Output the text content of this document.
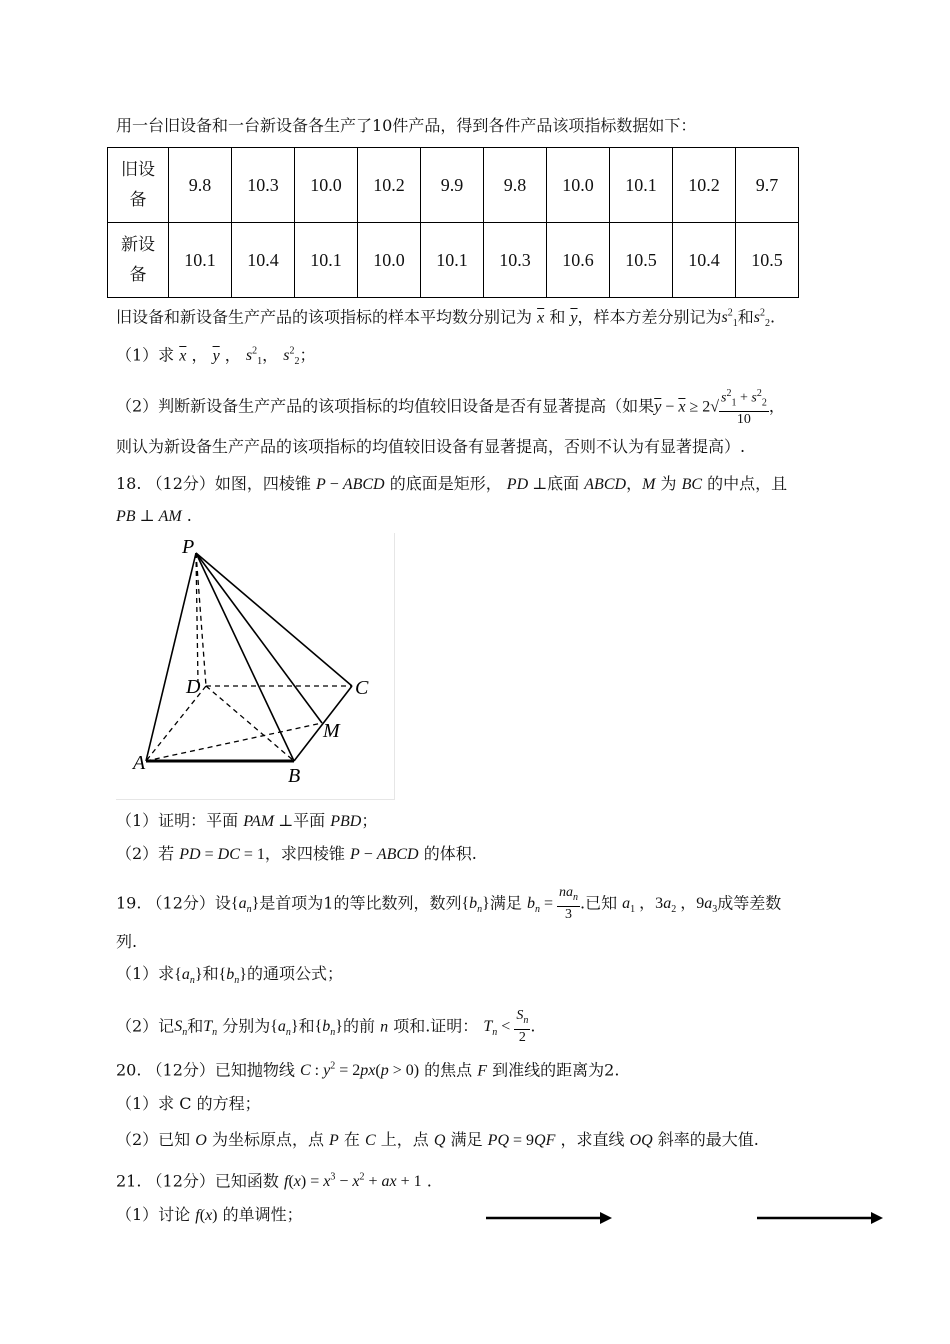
用一台旧设备和一台新设备各生产了10件产品，得到各件产品该项指标数据如下：
旧设
备	9.8	10.3	10.0	10.2	9.9	9.8	10.0	10.1	10.2	9.7
新设
备	10.1	10.4	10.1	10.0	10.1	10.3	10.6	10.5	10.4	10.5
旧设备和新设备生产产品的该项指标的样本平均数分别记为 $\overline{x}$ 和 $\overline{y}$，样本方差分别记为$s^2_1$和$s^2_2$.
（1）求 $\overline{x}$ ， $\overline{y}$ ， $s^2_1$， $s^2_2$；
（2）判断新设备生产产品的该项指标的均值较旧设备是否有显著提高（如果$\overline{y} - \overline{x} \ge 2√ \frac{s^2_1 + s^2_2}{10}$ ，
则认为新设备生产产品的该项指标的均值较旧设备有显著提高，否则不认为有显著提高）.
18. （12分）如图，四棱锥 P − ABCD 的底面是矩形， PD ⊥底面 ABCD，M 为 BC 的中点，且
PB ⊥ AM .
P
D	C
M
A
B
（1）证明：平面 PAM ⊥平面 PBD；
（2）若 PD = DC = 1，求四棱锥 P − ABCD 的体积.
19. （12分）设$\{a_n\}$是首项为1的等比数列，数列$\{b_n\}$满足 $b_n = \frac{na_n}{3}$ .已知 $a_1$ ，$3a_2$ ，$9a_3$成等差数
列.
（1）求$\{a_n\}$和$\{b_n\}$的通项公式；
（2）记$S_n$和$T_n$ 分别为$\{a_n\}$和$\{b_n\}$的前 n 项和.证明： $T_n < \frac{S_n}{2}$ .
20. （12分）已知抛物线 C : $y^2 = 2px(p > 0)$ 的焦点 F 到准线的距离为2.
（1）求 C 的方程；
（2）已知 O 为坐标原点，点 P 在 C 上，点 Q 满足 PQ = 9QF ，求直线 OQ 斜率的最大值.
21. （12分）已知函数 $f(x) = x^3 - x^2$ + ax + 1 .
（1）讨论 f(x) 的单调性；
